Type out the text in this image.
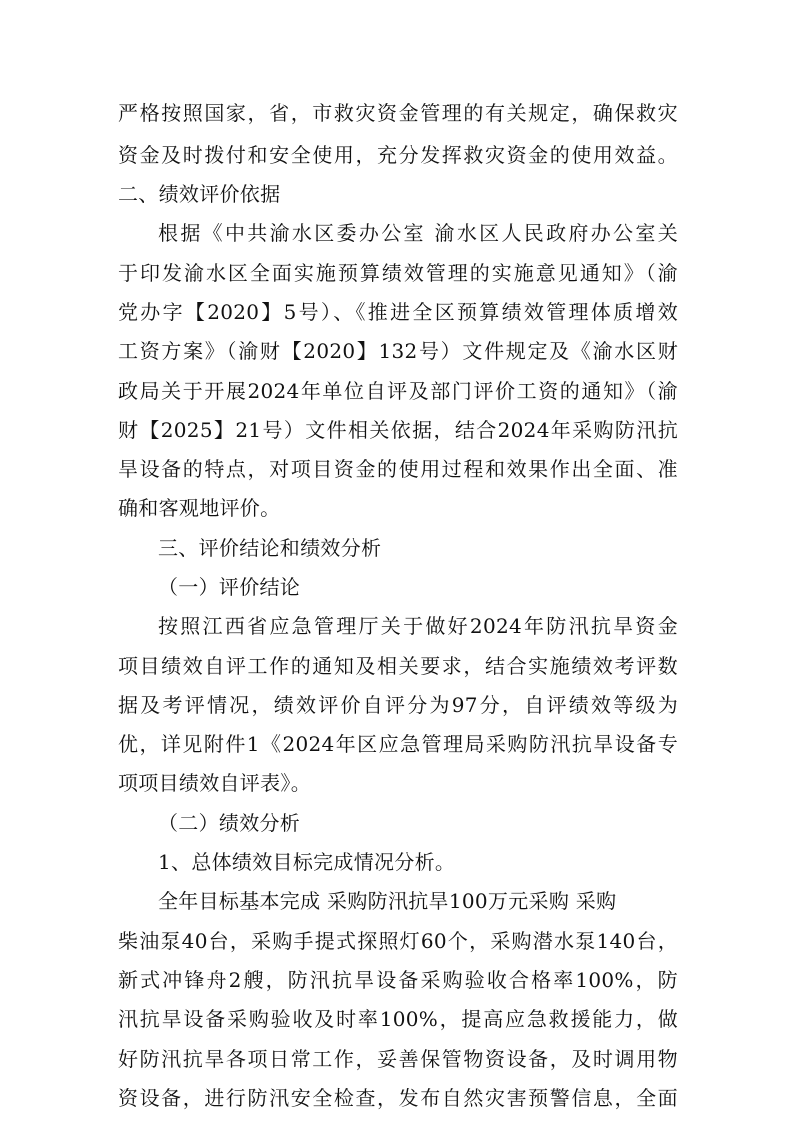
严格按照国家，省，市救灾资金管理的有关规定，确保救灾
资金及时拨付和安全使用，充分发挥救灾资金的使用效益。
二、绩效评价依据
根据《中共渝水区委办公室 渝水区人民政府办公室关
于印发渝水区全面实施预算绩效管理的实施意见通知》（渝
党办字【2020】5号）、《推进全区预算绩效管理体质增效
工资方案》（渝财【2020】132号）文件规定及《渝水区财
政局关于开展2024年单位自评及部门评价工资的通知》（渝
财【2025】21号）文件相关依据，结合2024年采购防汛抗
旱设备的特点，对项目资金的使用过程和效果作出全面、准
确和客观地评价。
三、评价结论和绩效分析
（一）评价结论
按照江西省应急管理厅关于做好2024年防汛抗旱资金
项目绩效自评工作的通知及相关要求，结合实施绩效考评数
据及考评情况，绩效评价自评分为97分，自评绩效等级为
优，详见附件1《2024年区应急管理局采购防汛抗旱设备专
项项目绩效自评表》。
（二）绩效分析
1、总体绩效目标完成情况分析。
全年目标基本完成 采购防汛抗旱100万元采购 采购
柴油泵40台，采购手提式探照灯60个，采购潜水泵140台，
新式冲锋舟2艘，防汛抗旱设备采购验收合格率100%，防
汛抗旱设备采购验收及时率100%，提高应急救援能力，做
好防汛抗旱各项日常工作，妥善保管物资设备，及时调用物
资设备，进行防汛安全检查，发布自然灾害预警信息，全面
